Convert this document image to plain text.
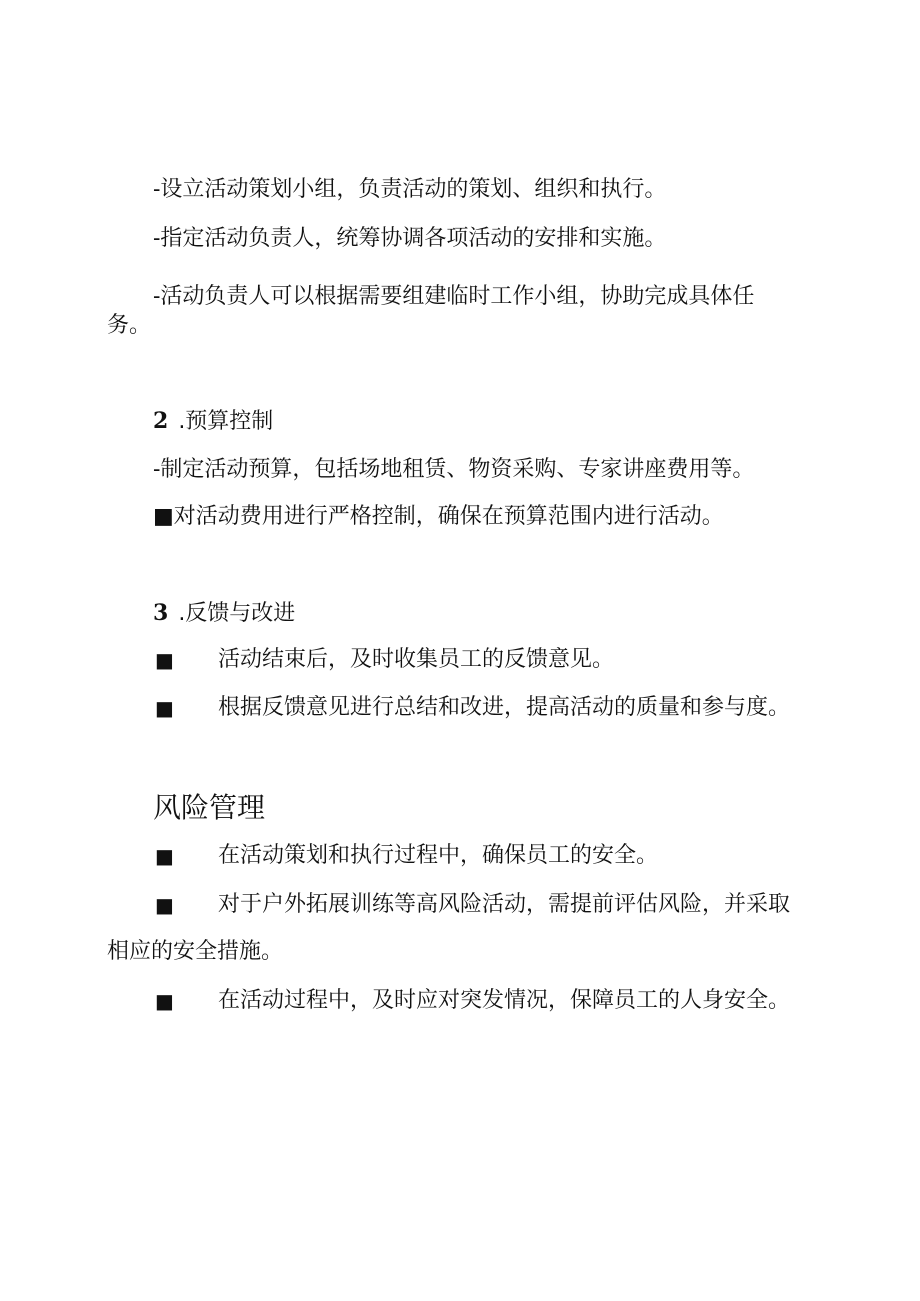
-设立活动策划小组，负责活动的策划、组织和执行。
-指定活动负责人，统筹协调各项活动的安排和实施。
-活动负责人可以根据需要组建临时工作小组，协助完成具体任
务。
2 .预算控制
-制定活动预算，包括场地租赁、物资采购、专家讲座费用等。
■对活动费用进行严格控制，确保在预算范围内进行活动。
3 .反馈与改进
■ 活动结束后，及时收集员工的反馈意见。
■ 根据反馈意见进行总结和改进，提高活动的质量和参与度。
风险管理
■ 在活动策划和执行过程中，确保员工的安全。
■ 对于户外拓展训练等高风险活动，需提前评估风险，并采取
相应的安全措施。
■ 在活动过程中，及时应对突发情况，保障员工的人身安全。
